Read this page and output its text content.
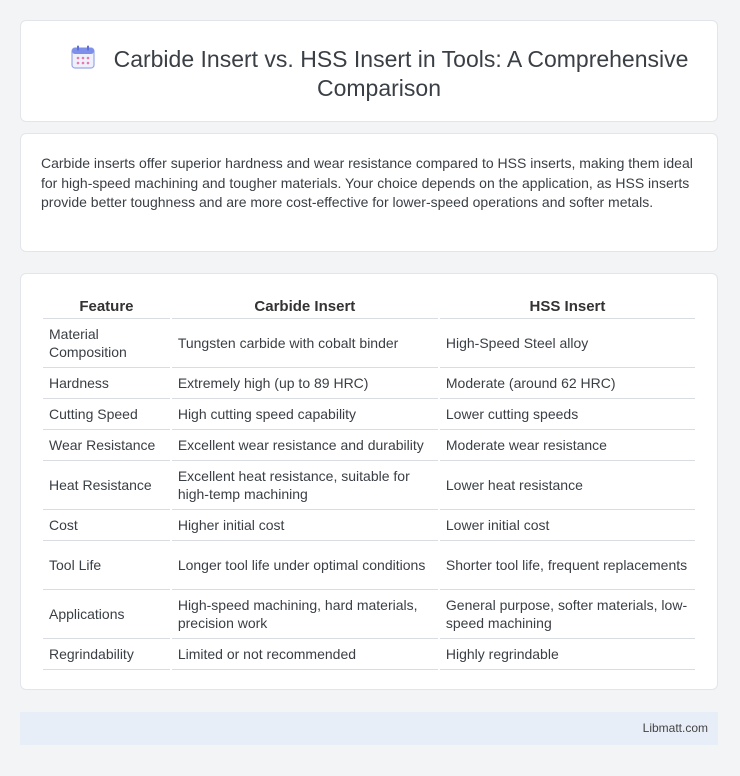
Carbide Insert vs. HSS Insert in Tools: A Comprehensive Comparison
Carbide inserts offer superior hardness and wear resistance compared to HSS inserts, making them ideal for high-speed machining and tougher materials. Your choice depends on the application, as HSS inserts provide better toughness and are more cost-effective for lower-speed operations and softer metals.
Feature	Carbide Insert	HSS Insert
Material Composition	Tungsten carbide with cobalt binder	High-Speed Steel alloy
Hardness	Extremely high (up to 89 HRC)	Moderate (around 62 HRC)
Cutting Speed	High cutting speed capability	Lower cutting speeds
Wear Resistance	Excellent wear resistance and durability	Moderate wear resistance
Heat Resistance	Excellent heat resistance, suitable for high-temp machining	Lower heat resistance
Cost	Higher initial cost	Lower initial cost
Tool Life	Longer tool life under optimal conditions	Shorter tool life, frequent replacements
Applications	High-speed machining, hard materials, precision work	General purpose, softer materials, low-speed machining
Regrindability	Limited or not recommended	Highly regrindable
Libmatt.com
